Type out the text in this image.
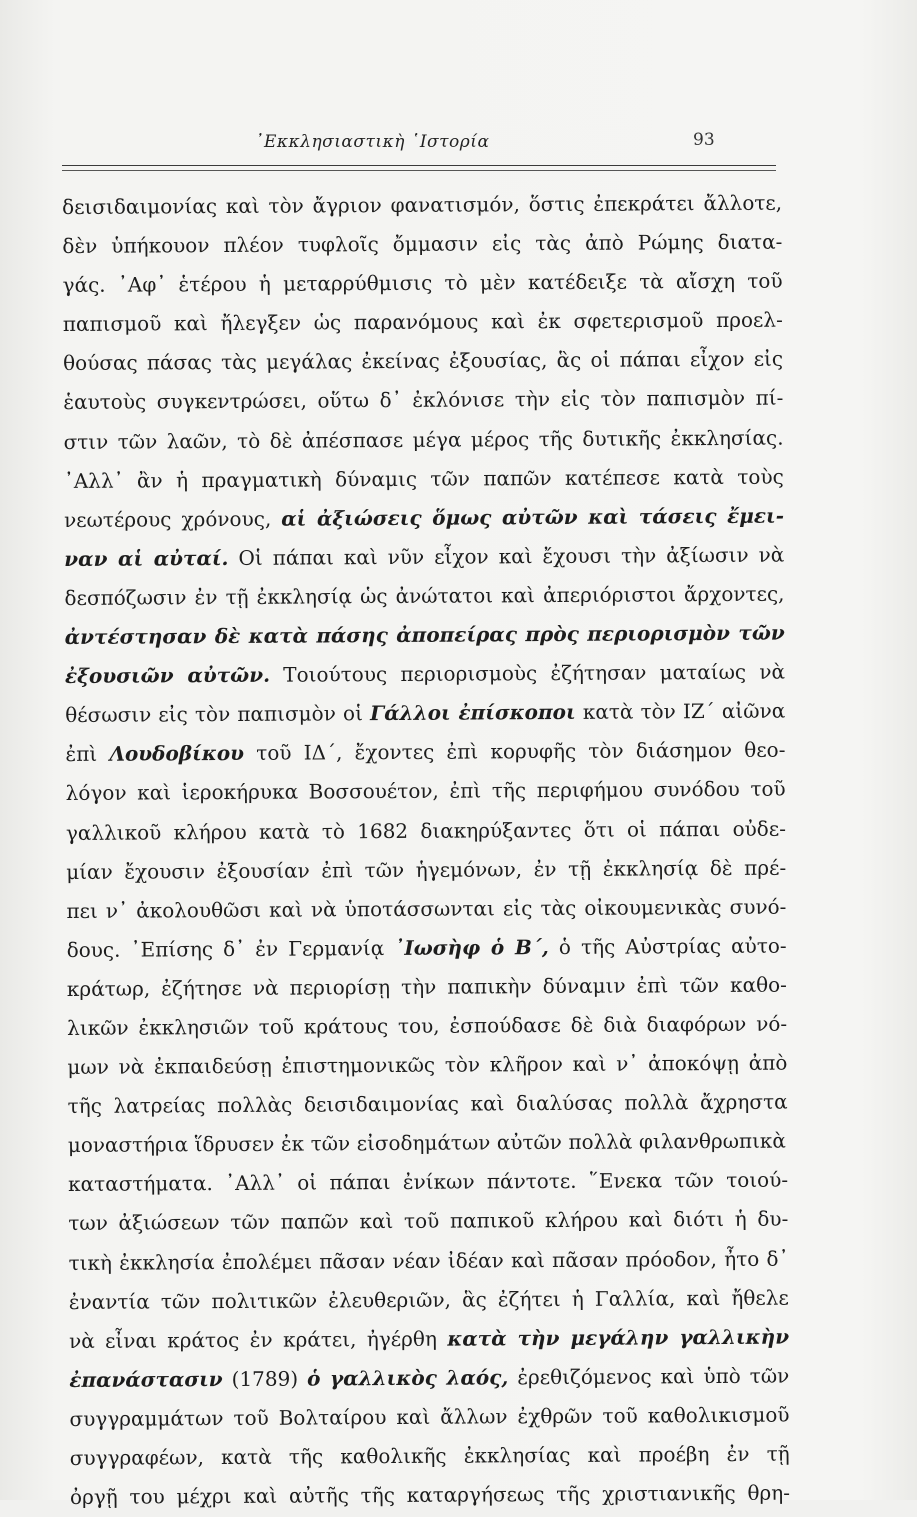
᾿Εκκλησιαστικὴ ῾Ιστορία	93
δεισιδαιμονίας καὶ τὸν ἄγριον φανατισμόν, ὅστις ἐπεκράτει ἄλλοτε,
δὲν ὑπήκουον πλέον τυφλοῖς ὄμμασιν εἰς τὰς ἀπὸ Ρώμης διατα-
γάς. ᾿Αφ᾿ ἑτέρου ἡ μεταρρύθμισις τὸ μὲν κατέδειξε τὰ αἴσχη τοῦ
παπισμοῦ καὶ ἤλεγξεν ὡς παρανόμους καὶ ἐκ σφετερισμοῦ προελ-
θούσας πάσας τὰς μεγάλας ἐκείνας ἐξουσίας, ἃς οἱ πάπαι εἶχον εἰς
ἑαυτοὺς συγκεντρώσει, οὕτω δ᾿ ἐκλόνισε τὴν εἰς τὸν παπισμὸν πί-
στιν τῶν λαῶν, τὸ δὲ ἀπέσπασε μέγα μέρος τῆς δυτικῆς ἐκκλησίας.
᾿Αλλ᾿ ἂν ἡ πραγματικὴ δύναμις τῶν παπῶν κατέπεσε κατὰ τοὺς
νεωτέρους χρόνους, αἱ ἀξιώσεις ὅμως αὐτῶν καὶ τάσεις ἔμει-
ναν αἱ αὐταί. Οἱ πάπαι καὶ νῦν εἶχον καὶ ἔχουσι τὴν ἀξίωσιν νὰ
δεσπόζωσιν ἐν τῇ ἐκκλησίᾳ ὡς ἀνώτατοι καὶ ἀπεριόριστοι ἄρχοντες,
ἀντέστησαν δὲ κατὰ πάσης ἀποπείρας πρὸς περιορισμὸν τῶν
ἐξουσιῶν αὐτῶν. Τοιούτους περιορισμοὺς ἐζήτησαν ματαίως νὰ
θέσωσιν εἰς τὸν παπισμὸν οἱ Γάλλοι ἐπίσκοποι κατὰ τὸν ΙΖ΄ αἰῶνα
ἐπὶ Λουδοβίκου τοῦ ΙΔ΄, ἔχοντες ἐπὶ κορυφῆς τὸν διάσημον θεο-
λόγον καὶ ἱεροκήρυκα Βοσσουέτον, ἐπὶ τῆς περιφήμου συνόδου τοῦ
γαλλικοῦ κλήρου κατὰ τὸ 1682 διακηρύξαντες ὅτι οἱ πάπαι οὐδε-
μίαν ἔχουσιν ἐξουσίαν ἐπὶ τῶν ἡγεμόνων, ἐν τῇ ἐκκλησίᾳ δὲ πρέ-
πει ν᾿ ἀκολουθῶσι καὶ νὰ ὑποτάσσωνται εἰς τὰς οἰκουμενικὰς συνό-
δους. ᾿Επίσης δ᾿ ἐν Γερμανίᾳ ᾿Ιωσὴφ ὁ Β΄, ὁ τῆς Αὐστρίας αὐτο-
κράτωρ, ἐζήτησε νὰ περιορίσῃ τὴν παπικὴν δύναμιν ἐπὶ τῶν καθο-
λικῶν ἐκκλησιῶν τοῦ κράτους του, ἐσπούδασε δὲ διὰ διαφόρων νό-
μων νὰ ἐκπαιδεύσῃ ἐπιστημονικῶς τὸν κλῆρον καὶ ν᾿ ἀποκόψῃ ἀπὸ
τῆς λατρείας πολλὰς δεισιδαιμονίας καὶ διαλύσας πολλὰ ἄχρηστα
μοναστήρια ἵδρυσεν ἐκ τῶν εἰσοδημάτων αὐτῶν πολλὰ φιλανθρωπικὰ
καταστήματα. ᾿Αλλ᾿ οἱ πάπαι ἐνίκων πάντοτε. ῞Ενεκα τῶν τοιού-
των ἀξιώσεων τῶν παπῶν καὶ τοῦ παπικοῦ κλήρου καὶ διότι ἡ δυ-
τικὴ ἐκκλησία ἐπολέμει πᾶσαν νέαν ἰδέαν καὶ πᾶσαν πρόοδον, ἦτο δ᾿
ἐναντία τῶν πολιτικῶν ἐλευθεριῶν, ἃς ἐζήτει ἡ Γαλλία, καὶ ἤθελε
νὰ εἶναι κράτος ἐν κράτει, ἠγέρθη κατὰ τὴν μεγάλην γαλλικὴν
ἐπανάστασιν (1789) ὁ γαλλικὸς λαός, ἐρεθιζόμενος καὶ ὑπὸ τῶν
συγγραμμάτων τοῦ Βολταίρου καὶ ἄλλων ἐχθρῶν τοῦ καθολικισμοῦ
συγγραφέων, κατὰ τῆς καθολικῆς ἐκκλησίας καὶ προέβη ἐν τῇ
ὀργῇ του μέχρι καὶ αὐτῆς τῆς καταργήσεως τῆς χριστιανικῆς θρη-
